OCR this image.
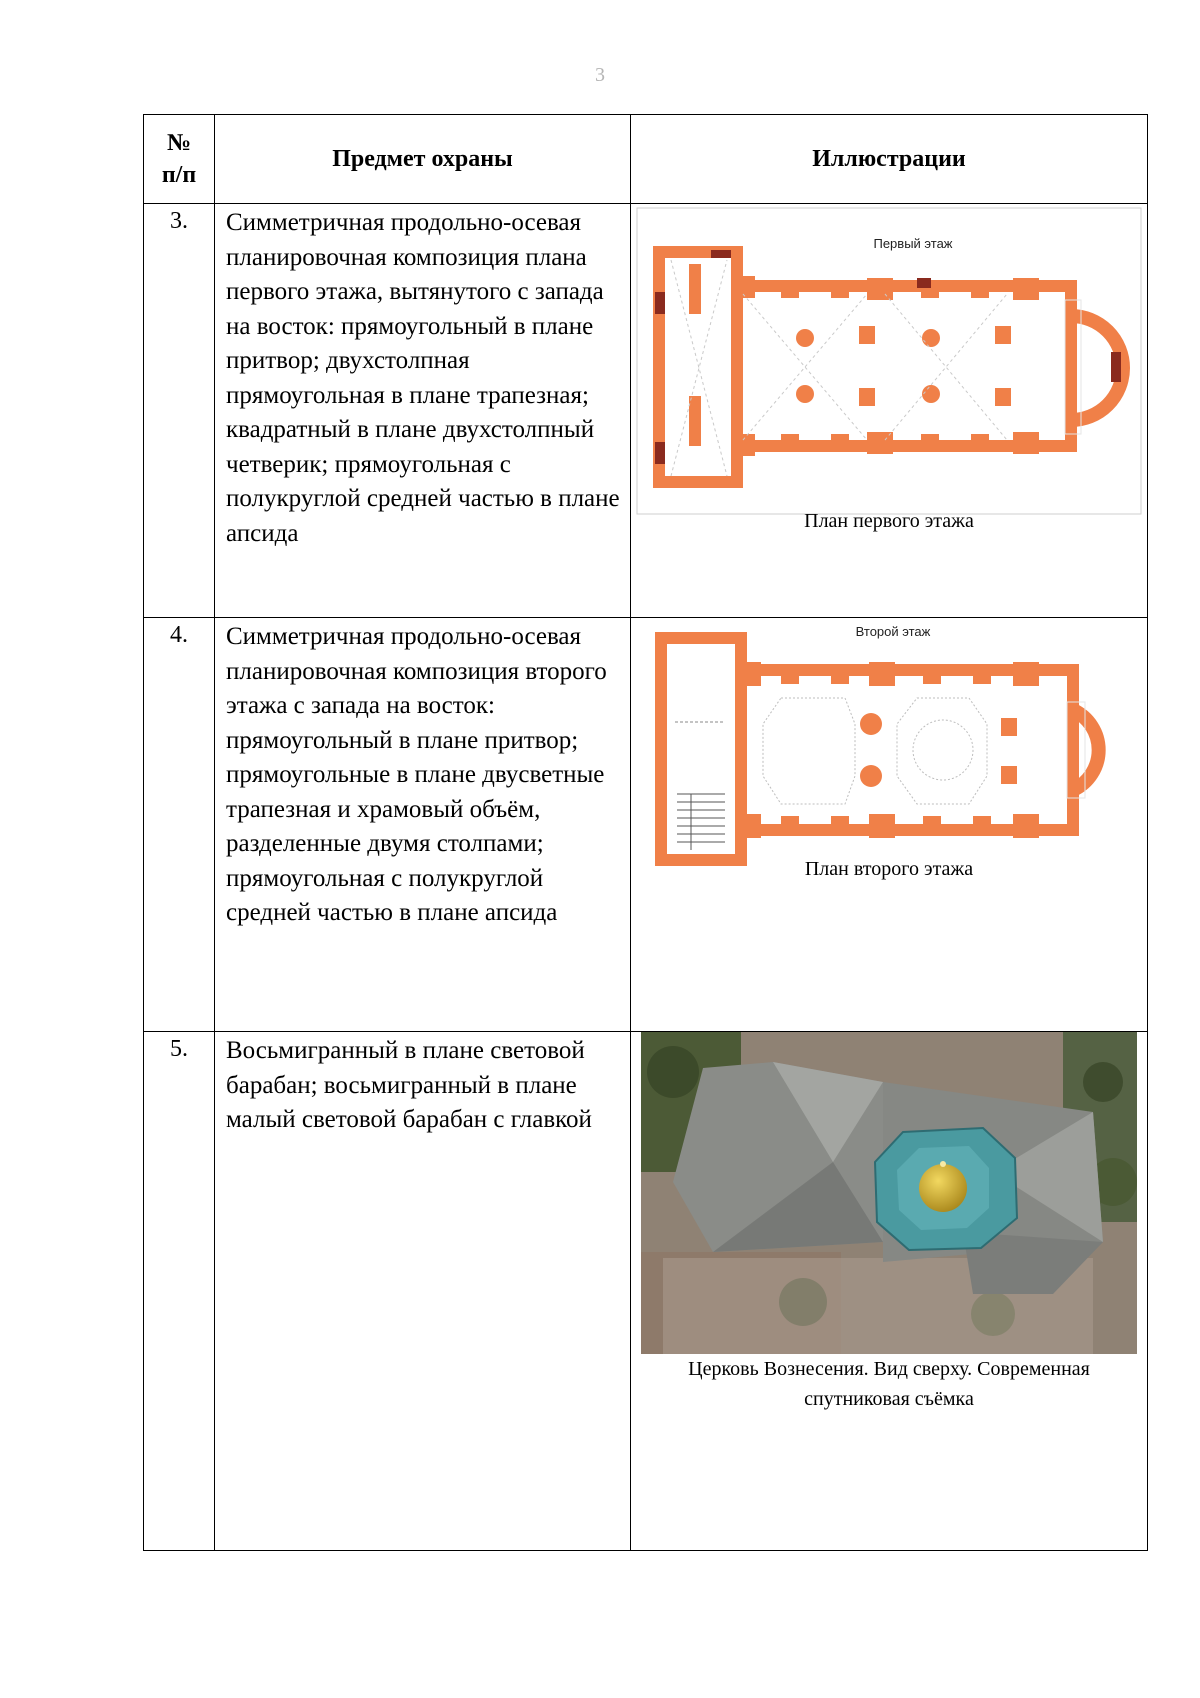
3
№
п/п	Предмет охраны	Иллюстрации
3.	Симметричная продольно-осевая планировочная композиция плана первого этажа, вытянутого с запада на восток: прямоугольный в плане притвор; двухстолпная прямоугольная в плане трапезная; квадратный в плане двухстолпный четверик; прямоугольная с полукруглой средней частью в плане апсида	Первый этаж
План первого этажа

4.	Симметричная продольно-осевая планировочная композиция второго этажа с запада на восток: прямоугольный в плане притвор; прямоугольные в плане двусветные трапезная и храмовый объём, разделенные двумя столпами; прямоугольная с полукруглой средней частью в плане апсида	Второй этаж
План второго этажа

5.	Восьмигранный в плане световой барабан; восьмигранный в плане малый световой барабан с главкой	Церковь Вознесения. Вид сверху. Современная
спутниковая съёмка
